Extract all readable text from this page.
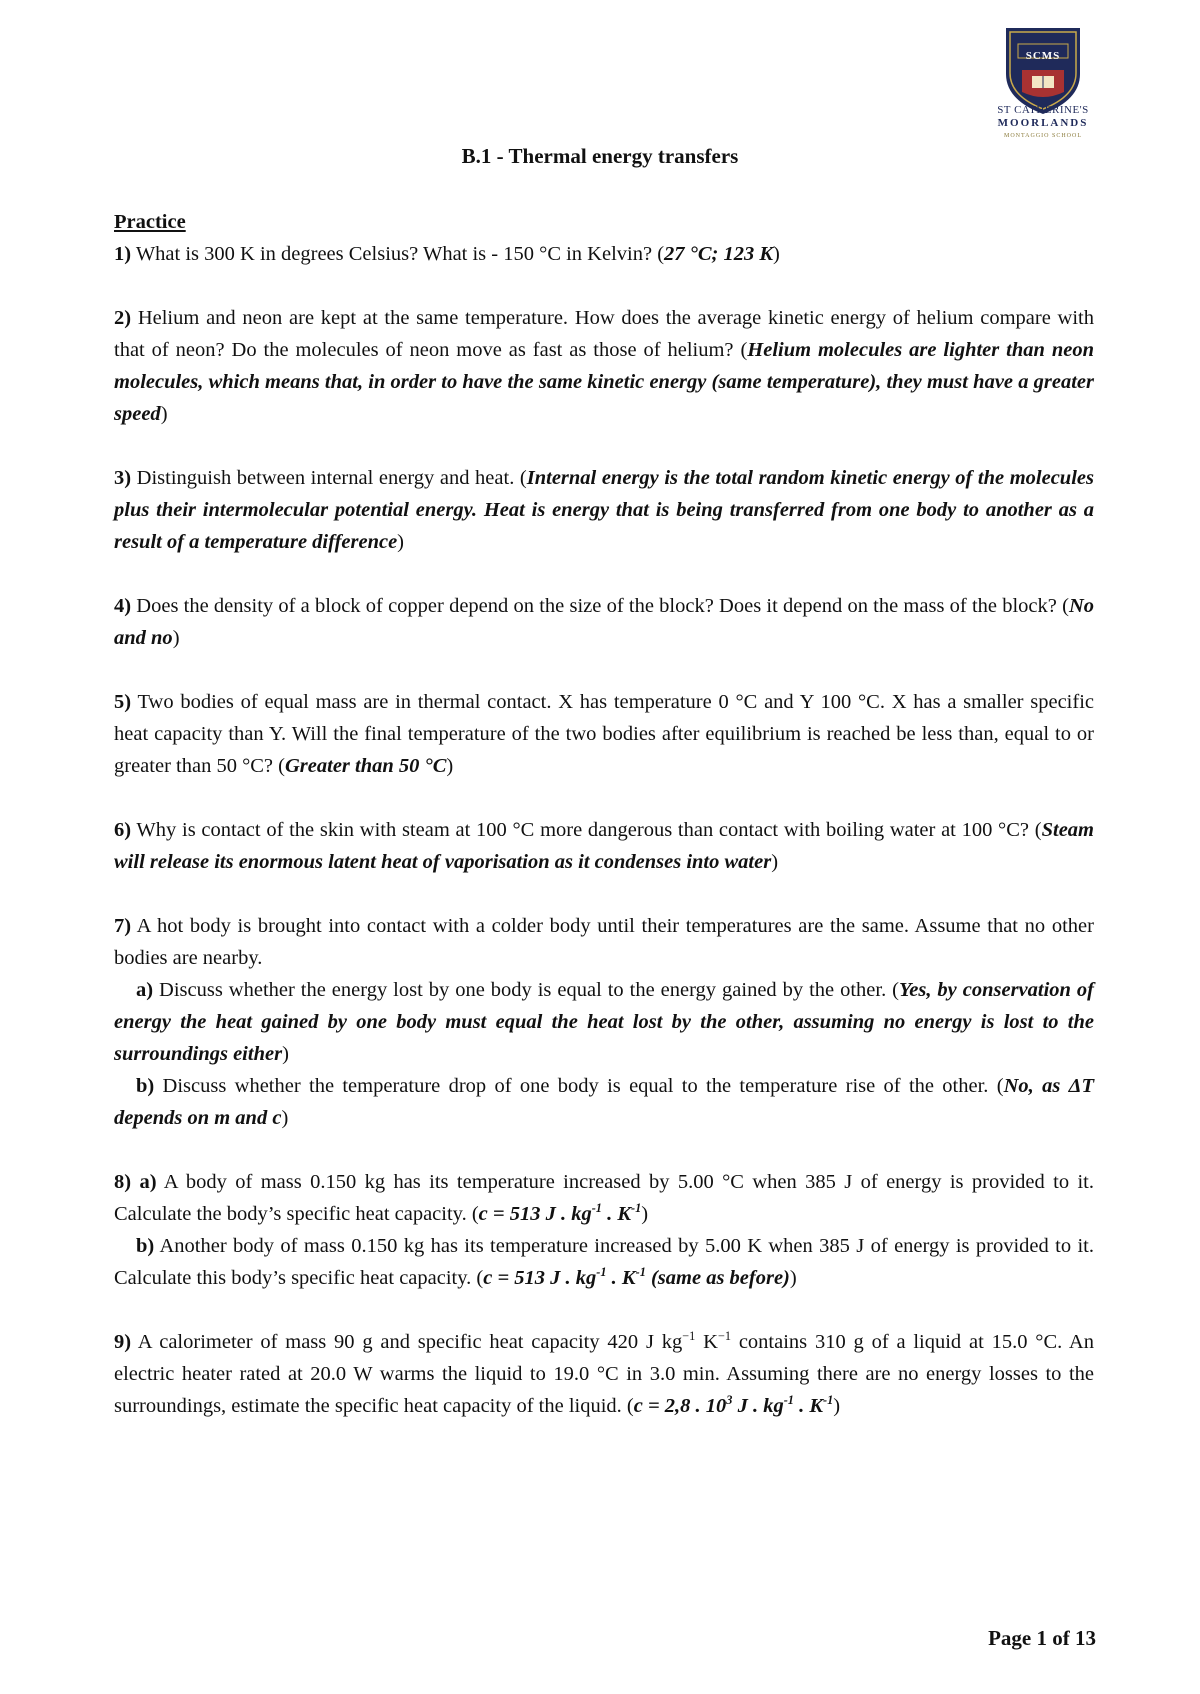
ST CATHERINE'S
MOORLANDS
MONTAGGIO SCHOOL
SCMS
B.1 - Thermal energy transfers

Practice

1) What is 300 K in degrees Celsius? What is - 150 °C in Kelvin? (27 °C; 123 K)

2) Helium and neon are kept at the same temperature. How does the average kinetic energy of helium compare with that of neon? Do the molecules of neon move as fast as those of helium? (Helium molecules are lighter than neon molecules, which means that, in order to have the same kinetic energy (same temperature), they must have a greater speed)

3) Distinguish between internal energy and heat. (Internal energy is the total random kinetic energy of the molecules plus their intermolecular potential energy. Heat is energy that is being transferred from one body to another as a result of a temperature difference)

4) Does the density of a block of copper depend on the size of the block? Does it depend on the mass of the block? (No and no)

5) Two bodies of equal mass are in thermal contact. X has temperature 0 °C and Y 100 °C. X has a smaller specific heat capacity than Y. Will the final temperature of the two bodies after equilibrium is reached be less than, equal to or greater than 50 °C? (Greater than 50 °C)

6) Why is contact of the skin with steam at 100 °C more dangerous than contact with boiling water at 100 °C? (Steam will release its enormous latent heat of vaporisation as it condenses into water)

7) A hot body is brought into contact with a colder body until their temperatures are the same. Assume that no other bodies are nearby.

a) Discuss whether the energy lost by one body is equal to the energy gained by the other. (Yes, by conservation of energy the heat gained by one body must equal the heat lost by the other, assuming no energy is lost to the surroundings either)

b) Discuss whether the temperature drop of one body is equal to the temperature rise of the other. (No, as ΔT depends on m and c)

8) a) A body of mass 0.150 kg has its temperature increased by 5.00 °C when 385 J of energy is provided to it. Calculate the body’s specific heat capacity. (c = 513 J . $kg^{-1}$ . $K^{-1}$)

b) Another body of mass 0.150 kg has its temperature increased by 5.00 K when 385 J of energy is provided to it. Calculate this body’s specific heat capacity. (c = 513 J . $kg^{-1}$ . $K^{-1}$ (same as before))

9) A calorimeter of mass 90 g and specific heat capacity 420 J $kg^{-1}$ $K^{-1}$ contains 310 g of a liquid at 15.0 °C. An electric heater rated at 20.0 W warms the liquid to 19.0 °C in 3.0 min. Assuming there are no energy losses to the surroundings, estimate the specific heat capacity of the liquid. (c = 2,8 . $10^3$ J . $kg^{-1}$ . $K^{-1}$)

Page 1 of 13
